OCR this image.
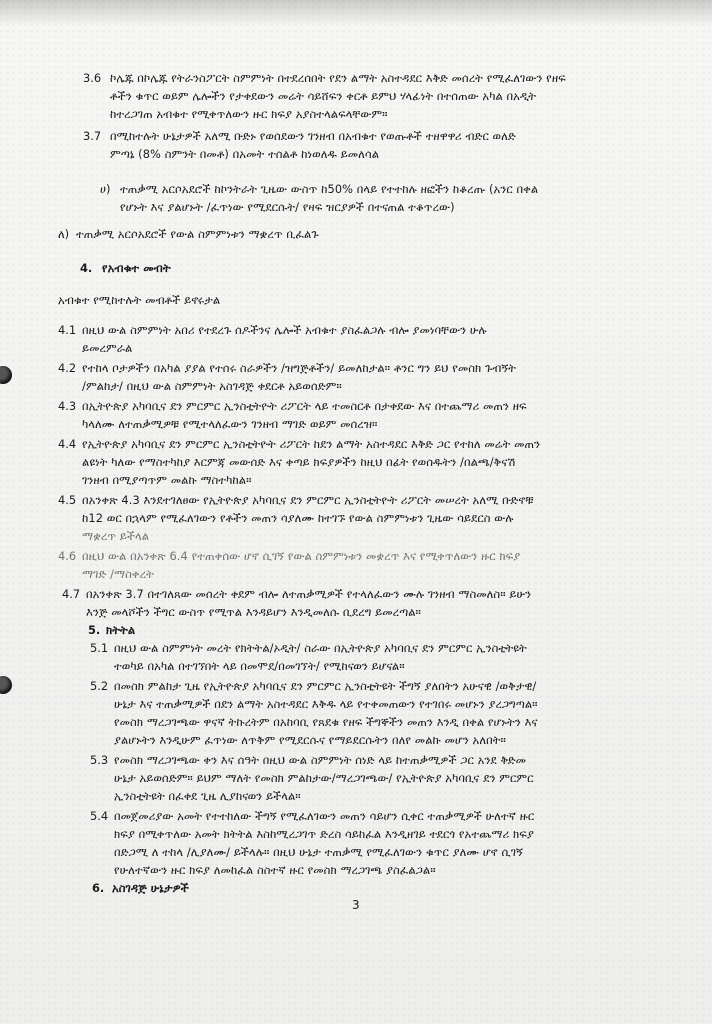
3.6 ኮሌጁ በኮሌጁ የትራንስፖርት ስምምነት በተደረሰበት የደን ልማት አስተዳደር እቅድ መሰረት የሚፈለገውን የዘፍ
ቶችን ቁጥር ወይም ሌሎችን የታቀደውን መሬት ሳይሸፍን ቀርቶ ይምህ ሃላፊነት በተሰጠው አካል በአዲት
ከተረጋገጠ አብቁተ የሚቀጥለውን ዙር ክፍያ አያስተላልፍላቸውም።
3.7 በሚከተሉት ሁኔታዎች አለሚ ቡድኑ የወሰደውን ገንዘብ በአብቁተ የወጡቶች ተዘዋዋሪ ብድር ወለድ
ምጣኔ (8% ስምንት በመቶ) በአመት ተሰልቶ ከነወለዱ ይመለሳል
ሀ) ተጠቃሚ አርሶአደሮች ከኮንትራት ጊዜው ውስጥ ከ50% በላይ የተተከሉ ዘፎችን ከቆረጡ (አንር በቀል
የሆኑት እና ያልሆኑት /ፈጥነው የሚደርሱት/ የዛፍ ዝርያዎች በተናጠል ተቆጥረው)
ለ) ተጠቃሚ አርሶአደሮች የውል ስምምነቱን ማቋረጥ ቢፈልጉ
4. የአብቁተ መብት
አብቁተ የሚከተሉት መብቶች ይኖሩታል
4.1 በዚህ ውል ስምምነት አበሪ የተደረጉ ሰዶችንና ሌሎች አብቁተ ያስፈልጋሉ ብሎ ያመነባቸውን ሁሉ
ይመረምራል
4.2 የተከላ ቦታዎችን በአካል ያያል የተሰሩ ስራዎችን /ዝግጅቶችን/ ይመለከታል። ቶንር ግን ይህ የመስክ ጉብኝት
/ምልከታ/ በዚህ ውል ስምምነት አስገዳጅ ቀደርቶ አይወሰድም።
4.3 በኢትዮጵያ አካባቢና ደን ምርምር ኢንስቲትዮት ሪፖርት ላይ ተመስርቶ በታቀደው እና በተጨማሪ መጠን ዘፍ
ካላለሙ ለተጠቃሚዎቹ የሚተላለፈውን ገንዘብ ማገድ ወይም መሰረዝ።
4.4 የኢትዮጵያ አካባቢና ደን ምርምር ኢንስቲትዮት ሪፖርት ከደን ልማት አስተዳደር እቅድ ጋር የተከለ መሬት መጠን
ልዩነት ካለው የማስተካከያ እርምጃ መውሰድ እና ቀጣይ ክፍያዎችን ከዚህ በፊት የወሰዱትን /በልጫ/ቅናሽ
ገንዘብ በሚያጣጥም መልኩ ማስተካከል።
4.5 በአንቀጽ 4.3 እንደተገለፀው የኢትዮጵያ አካባቢና ደን ምርምር ኢንስቲትዮት ሪፖርት መሠረት አለሚ ቡድኖቹ
ከ12 ወር በኋላም የሚፈለገውን የቶችን መጠን ሳያለሙ ከተገኙ የውል ስምምነቱን ጊዜው ሳይደርስ ውሉ
ማቋረጥ ይችላል
4.6 በዚህ ውል በአንቀጽ 6.4 የተጠቀሰው ሆኖ ሲገኝ የውል ስምምነቱን መቋረጥ እና የሚቀጥለውን ዙር ክፍያ
ማገድ /ማስቀረት
4.7 በአንቀጽ 3.7 በተገለጸው መሰረት ቀደም ብሎ ለተጠቃሚዎች የተላለፈውን ሙሉ ገንዘብ ማስመለስ። ይሁን
እንጅ መላሾችን ችግር ውስጥ የሚጥል እንዳይሆን እንዲመለሱ ቢደረግ ይመረጣል።
5. ክትትል
5.1 በዚህ ውል ስምምነት መረት የክትትል/ኦዲት/ ስራው በኢትዮጵያ አካባቢና ደን ምርምር ኢንስቲትዩት
ተወካይ በአካል በተገኘበት ላይ በመሞደ/በመገኘት/ የሚከናወን ይሆናል።
5.2 በመስክ ምልከታ ጊዜ የኢትዮጵያ አካባቢና ደን ምርምር ኢንስቲትዩት ችግኝ ያለበትን አሁናዊ /ወቅታዊ/
ሁኔታ እና ተጠቃሚዎች በደን ልማት አስተዳደር እቅዱ ላይ የተቀመጠውን የተገበሩ መሆኑን ያረጋግጣል።
የመስክ ማረጋገጫው ዋናኛ ትኩረትም በአከባቢ የጸደቁ የዘፍ ችግኞችን መጠን እንዲ በቀል የሆኑትን እና
ያልሆኑትን እንዲሁም ፈጥነው ለጥቅም የሚደርሱና የማይደርሱትን በለየ መልኩ መሆን አለበት።
5.3 የመስክ ማረጋገጫው ቀን እና ሰዓት በዚህ ውል ስምምነት ሰነድ ላይ ከተጠቃሚዎች ጋር አንደ ቅድመ
ሁኔታ አይወሰድም። ይህም ማለት የመስክ ምልከታው/ማረጋገጫው/ የኢትዮጵያ አካባቢና ደን ምርምር
ኢንስቲትዩት በፈቀደ ጊዜ ሊያከናወን ይችላል።
5.4 በመጀመሪያው አመት የተተከለው ችግኝ የሚፈለገውን መጠን ሳይሆን ሲቀር ተጠቃሚዎች ሁለተኛ ዙር
ክፍያ በሚቀጥለው አመት ክትትል እስከሚረጋገጥ ድረስ ሳይከፈል እንዲዘገይ ተደርጎ የአተጨማሪ ክፍያ
በድጋሚ ለ ተከላ /ሊያለሙ/ ይችላሉ። በዚህ ሁኔታ ተጠቃሚ የሚፈለገውን ቁጥር ያለሙ ሆኖ ሲገኝ
የሁለተኛውን ዙር ክፍያ ለመከፈል ስስተኛ ዙር የመስክ ማረጋገጫ ያስፈልጋል።
6. አስገዳጅ ሁኔታዎች
3
